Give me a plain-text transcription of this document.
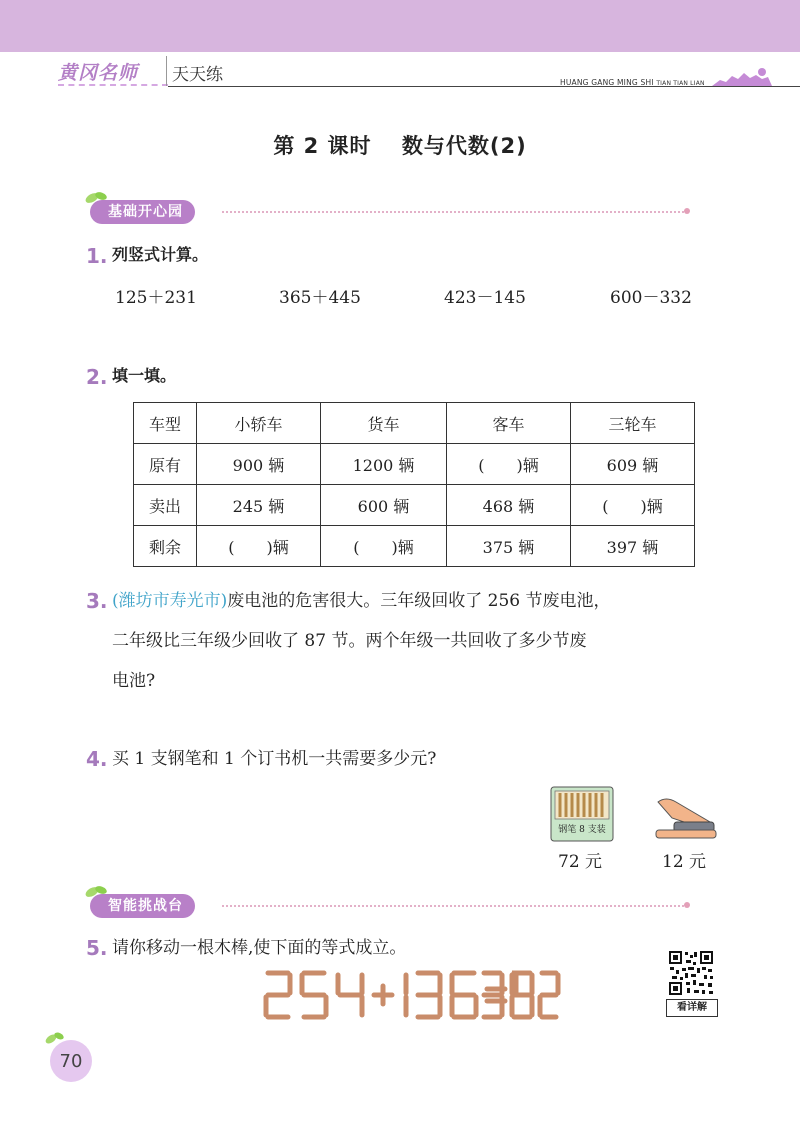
黄冈名师 天天练	HUANG GANG MING SHI TIAN TIAN LIAN
第 2 课时　 数与代数(2)
基础开心园
1. 列竖式计算。
125＋231	365＋445	423－145	600－332
2. 填一填。
车型	小轿车	货车	客车	三轮车
原有	900 辆	1200 辆	(　　)辆	609 辆
卖出	245 辆	600 辆	468 辆	(　　)辆
剩余	(　　)辆	(　　)辆	375 辆	397 辆
3. (潍坊市寿光市)废电池的危害很大。三年级回收了 256 节废电池，
二年级比三年级少回收了 87 节。两个年级一共回收了多少节废
电池?
4. 买 1 支钢笔和 1 个订书机一共需要多少元?
钢笔 8 支装
72 元	12 元
智能挑战台
5. 请你移动一根木棒,使下面的等式成立。
看详解
70
